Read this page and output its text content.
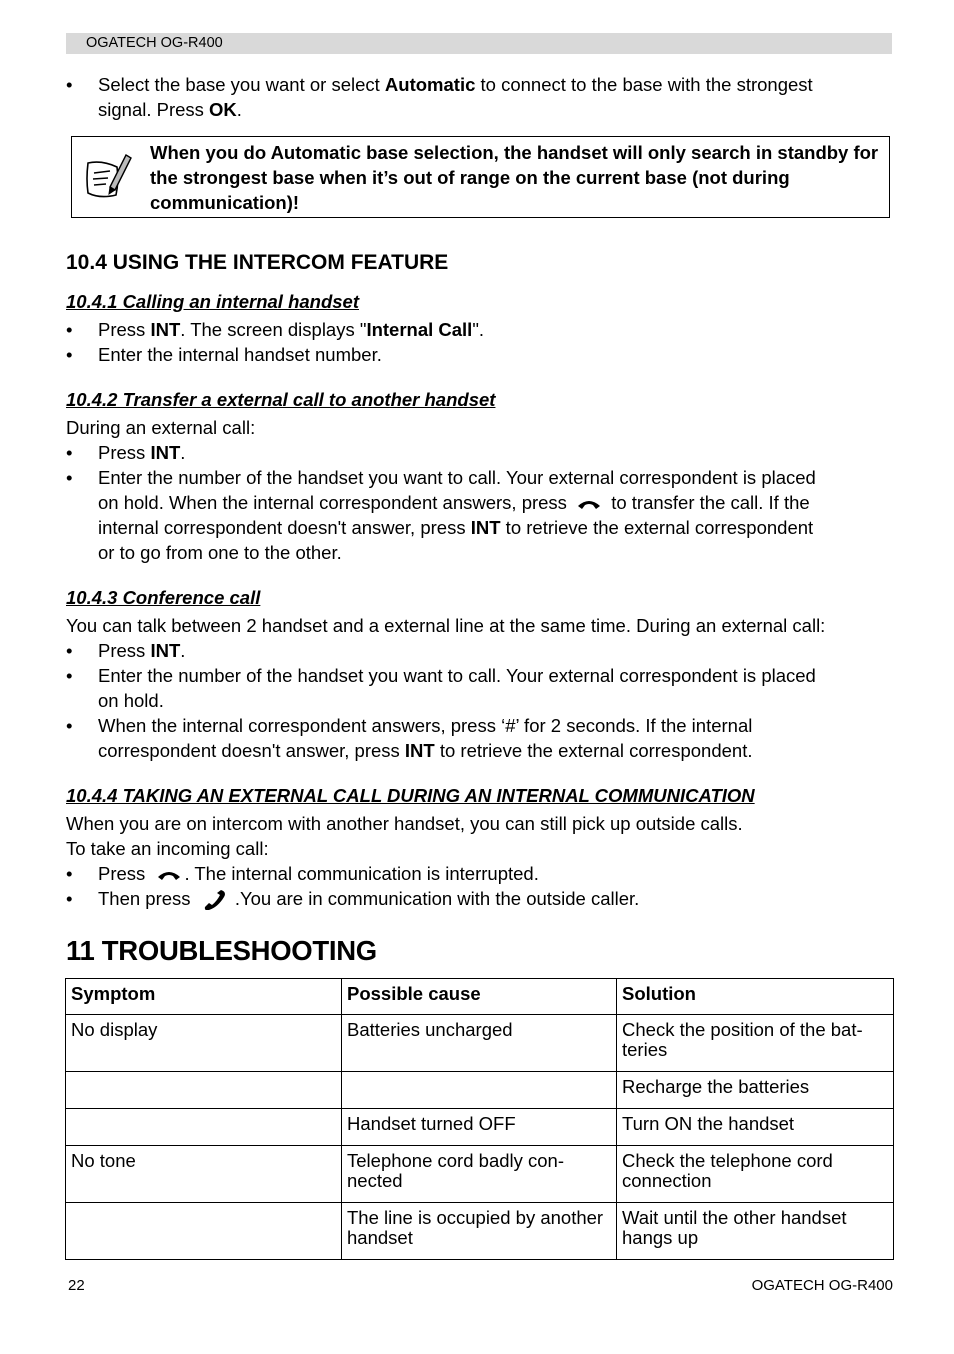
OGATECH OG-R400
• Select the base you want or select Automatic to connect to the base with the strongest
signal. Press OK.
When you do Automatic base selection, the handset will only search in standby for the strongest base when it’s out of range on the current base (not during communication)!
10.4 USING THE INTERCOM FEATURE
10.4.1 Calling an internal handset
• Press INT. The screen displays "Internal Call".
• Enter the internal handset number.
10.4.2 Transfer a external call to another handset
During an external call:
• Press INT.
• Enter the number of the handset you want to call. Your external correspondent is placed
on hold. When the internal correspondent answers, press  to transfer the call. If the
internal correspondent doesn't answer, press INT to retrieve the external correspondent
or to go from one to the other.
10.4.3 Conference call
You can talk between 2 handset and a external line at the same time. During an external call:
• Press INT.
• Enter the number of the handset you want to call. Your external correspondent is placed
on hold.
• When the internal correspondent answers, press ‘#’ for 2 seconds. If the internal
correspondent doesn't answer, press INT to retrieve the external correspondent.
10.4.4 TAKING AN EXTERNAL CALL DURING AN INTERNAL COMMUNICATION
When you are on intercom with another handset, you can still pick up outside calls.
To take an incoming call:
• Press . The internal communication is interrupted.
• Then press  .You are in communication with the outside caller.
11 TROUBLESHOOTING
Symptom	Possible cause	Solution
No display	Batteries uncharged	Check the position of the bat-teries
		Recharge the batteries
	Handset turned OFF	Turn ON the handset
No tone	Telephone cord badly con-nected	Check the telephone cord connection
	The line is occupied by another handset	Wait until the other handset hangs up
22	OGATECH OG-R400
